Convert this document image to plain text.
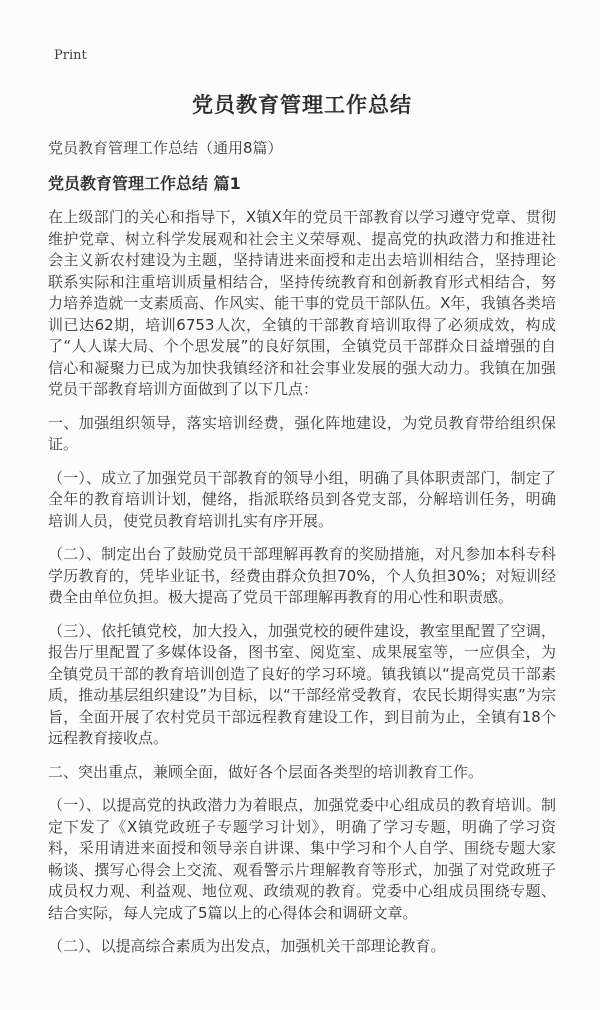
Print
党员教育管理工作总结

党员教育管理工作总结（通用8篇）

党员教育管理工作总结 篇1

在上级部门的关心和指导下，X镇X年的党员干部教育以学习遵守党章、贯彻维护党章、树立科学发展观和社会主义荣辱观、提高党的执政潜力和推进社会主义新农村建设为主题，坚持请进来面授和走出去培训相结合，坚持理论联系实际和注重培训质量相结合，坚持传统教育和创新教育形式相结合，努力培养造就一支素质高、作风实、能干事的党员干部队伍。X年，我镇各类培训已达62期，培训6753人次，全镇的干部教育培训取得了必须成效，构成了“人人谋大局、个个思发展”的良好氛围，全镇党员干部群众日益增强的自信心和凝聚力已成为加快我镇经济和社会事业发展的强大动力。我镇在加强党员干部教育培训方面做到了以下几点：

一、加强组织领导，落实培训经费，强化阵地建设，为党员教育带给组织保证。

（一）、成立了加强党员干部教育的领导小组，明确了具体职责部门，制定了全年的教育培训计划，健络，指派联络员到各党支部，分解培训任务，明确培训人员，使党员教育培训扎实有序开展。

（二）、制定出台了鼓励党员干部理解再教育的奖励措施，对凡参加本科专科学历教育的，凭毕业证书，经费由群众负担70%，个人负担30%；对短训经费全由单位负担。极大提高了党员干部理解再教育的用心性和职责感。

（三）、依托镇党校，加大投入，加强党校的硬件建设，教室里配置了空调，报告厅里配置了多媒体设备，图书室、阅览室、成果展室等，一应俱全，为全镇党员干部的教育培训创造了良好的学习环境。镇我镇以“提高党员干部素质，推动基层组织建设”为目标，以“干部经常受教育，农民长期得实惠”为宗旨，全面开展了农村党员干部远程教育建设工作，到目前为止，全镇有18个远程教育接收点。

二、突出重点，兼顾全面，做好各个层面各类型的培训教育工作。

（一）、以提高党的执政潜力为着眼点，加强党委中心组成员的教育培训。制定下发了《X镇党政班子专题学习计划》，明确了学习专题，明确了学习资料，采用请进来面授和领导亲自讲课、集中学习和个人自学、围绕专题大家畅谈、撰写心得会上交流、观看警示片理解教育等形式，加强了对党政班子成员权力观、利益观、地位观、政绩观的教育。党委中心组成员围绕专题、结合实际，每人完成了5篇以上的心得体会和调研文章。

（二）、以提高综合素质为出发点，加强机关干部理论教育。
